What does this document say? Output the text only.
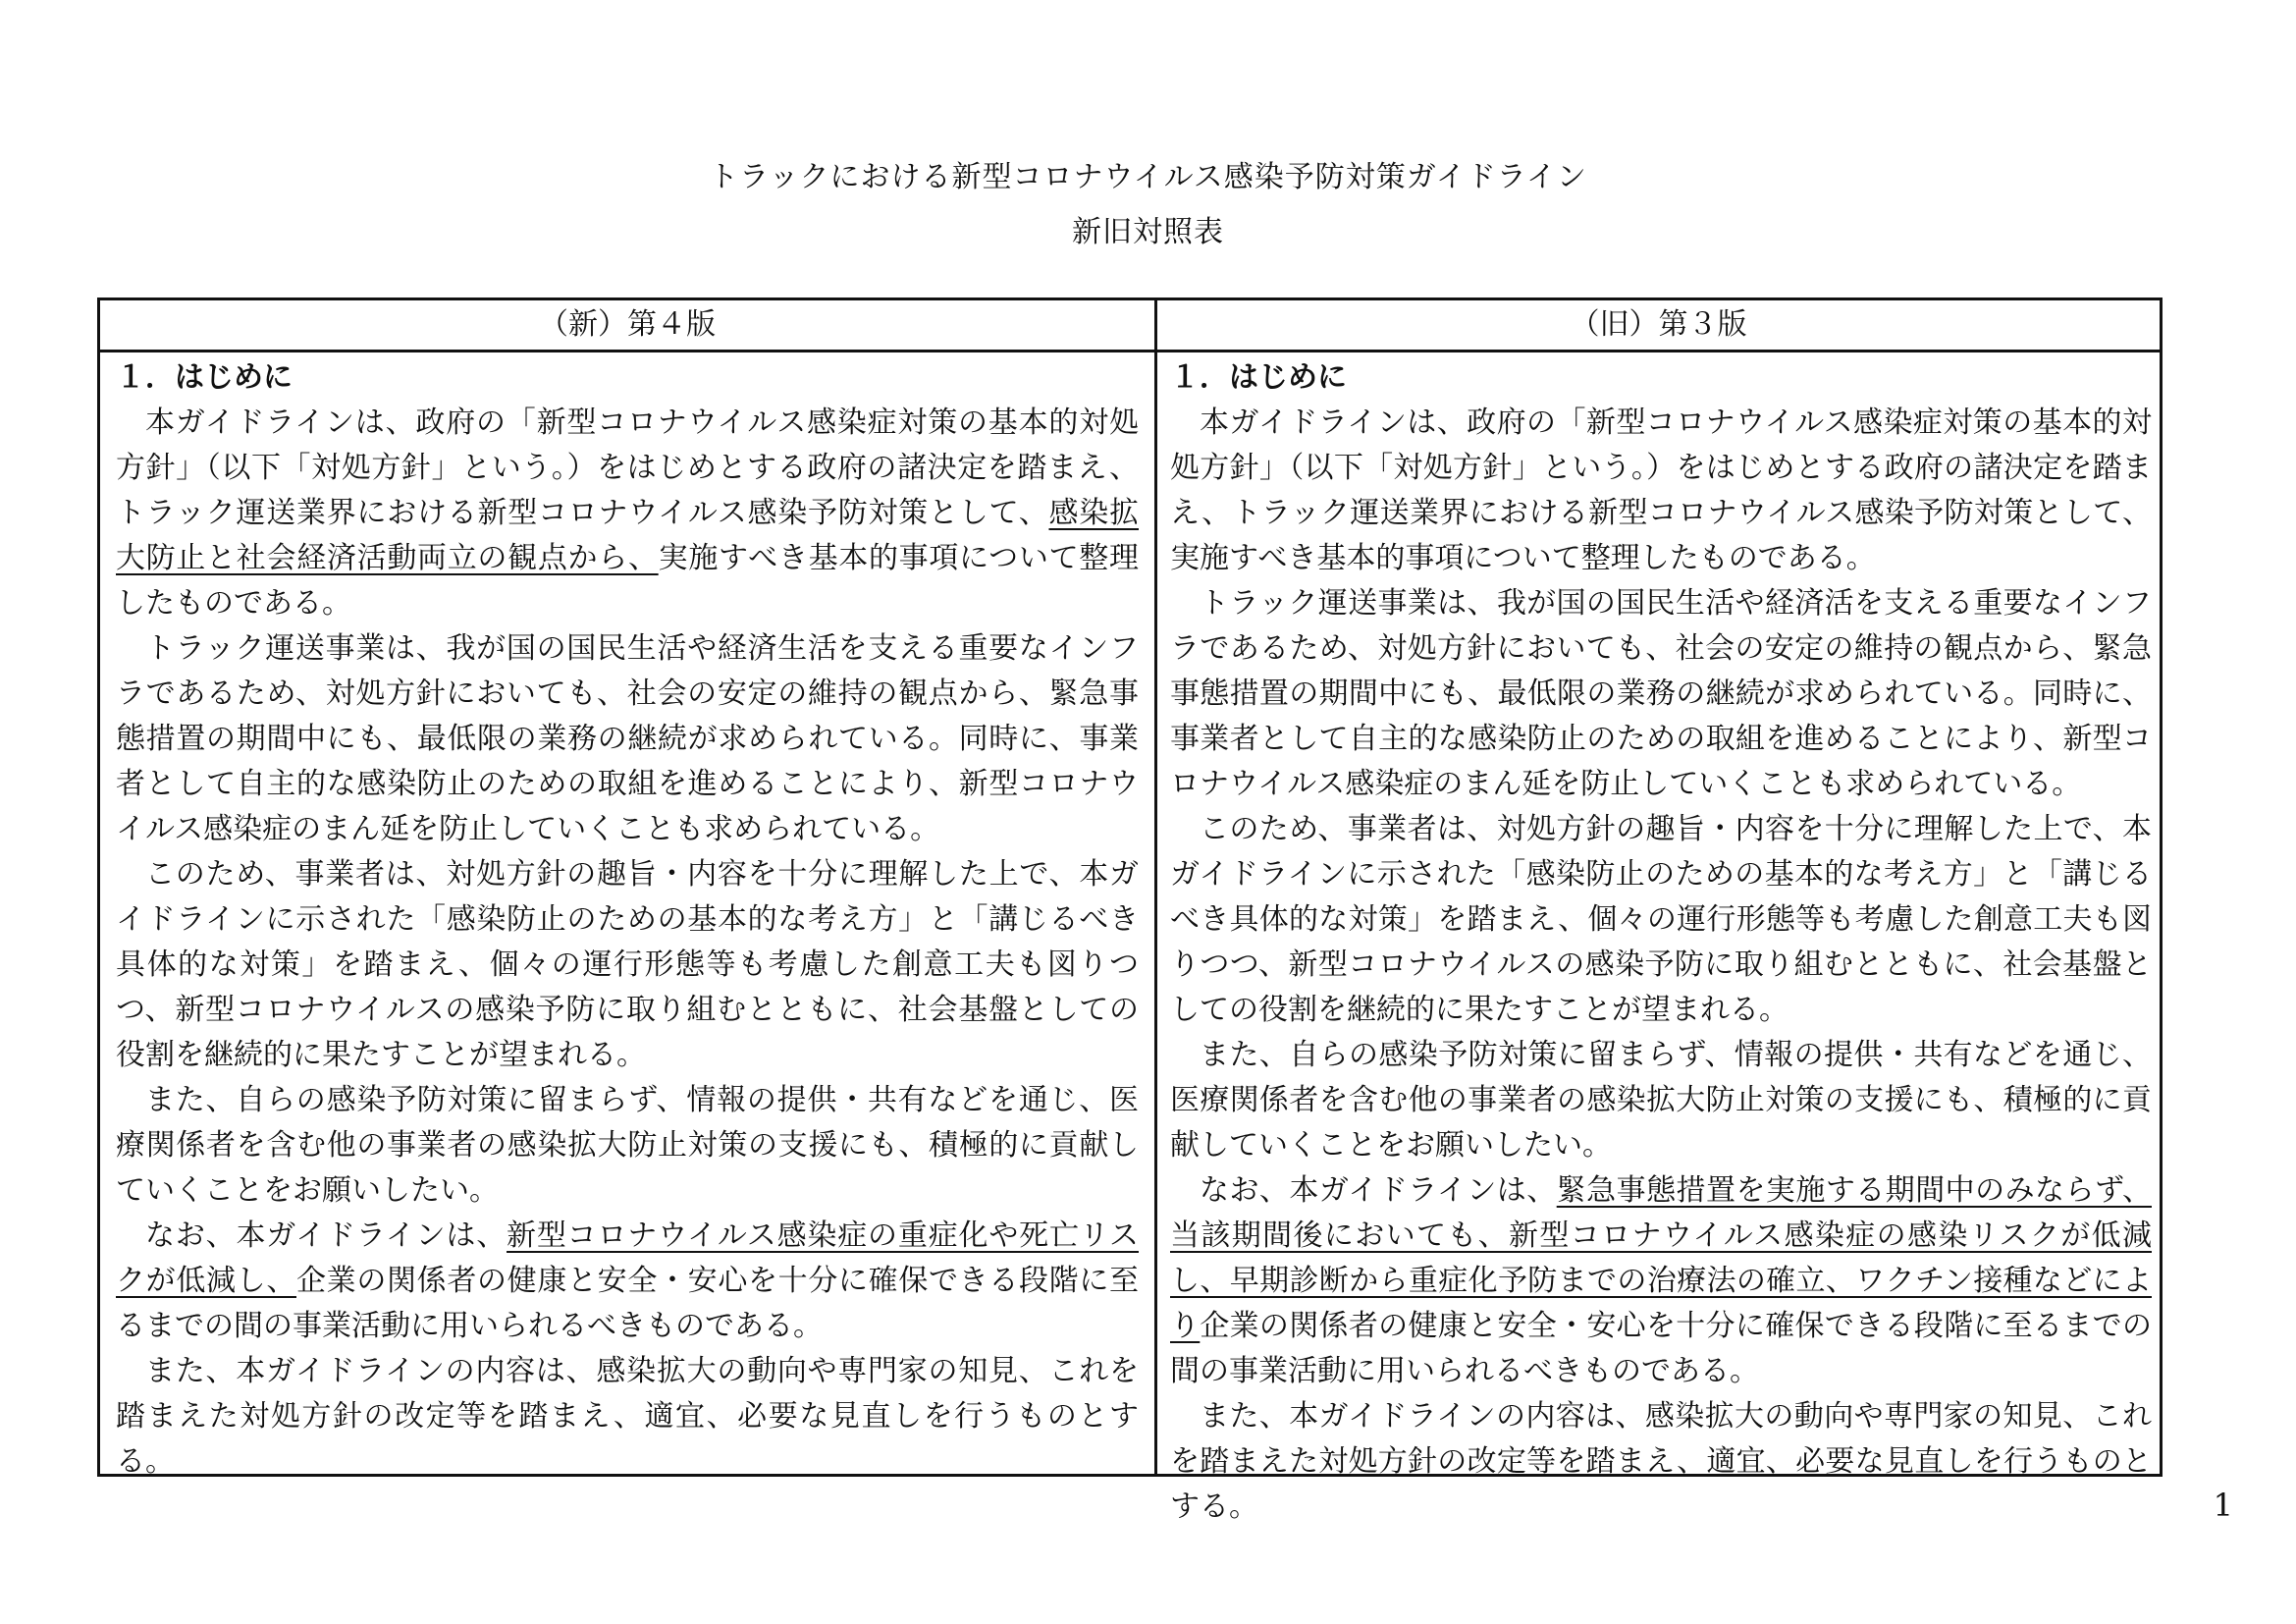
トラックにおける新型コロナウイルス感染予防対策ガイドライン
新旧対照表
（新）第４版	（旧）第３版
１．はじめに

本ガイドラインは、政府の「新型コロナウイルス感染症対策の基本的対処方針」（以下「対処方針」という。）をはじめとする政府の諸決定を踏まえ、トラック運送業界における新型コロナウイルス感染予防対策として、感染拡大防止と社会経済活動両立の観点から、実施すべき基本的事項について整理したものである。

トラック運送事業は、我が国の国民生活や経済生活を支える重要なインフラであるため、対処方針においても、社会の安定の維持の観点から、緊急事態措置の期間中にも、最低限の業務の継続が求められている。同時に、事業者として自主的な感染防止のための取組を進めることにより、新型コロナウイルス感染症のまん延を防止していくことも求められている。

このため、事業者は、対処方針の趣旨・内容を十分に理解した上で、本ガイドラインに示された「感染防止のための基本的な考え方」と「講じるべき具体的な対策」を踏まえ、個々の運行形態等も考慮した創意工夫も図りつつ、新型コロナウイルスの感染予防に取り組むとともに、社会基盤としての役割を継続的に果たすことが望まれる。

また、自らの感染予防対策に留まらず、情報の提供・共有などを通じ、医療関係者を含む他の事業者の感染拡大防止対策の支援にも、積極的に貢献していくことをお願いしたい。

なお、本ガイドラインは、新型コロナウイルス感染症の重症化や死亡リスクが低減し、企業の関係者の健康と安全・安心を十分に確保できる段階に至るまでの間の事業活動に用いられるべきものである。

また、本ガイドラインの内容は、感染拡大の動向や専門家の知見、これを踏まえた対処方針の改定等を踏まえ、適宜、必要な見直しを行うものとする。

１．はじめに

本ガイドラインは、政府の「新型コロナウイルス感染症対策の基本的対処方針」（以下「対処方針」という。）をはじめとする政府の諸決定を踏まえ、トラック運送業界における新型コロナウイルス感染予防対策として、実施すべき基本的事項について整理したものである。

トラック運送事業は、我が国の国民生活や経済活を支える重要なインフラであるため、対処方針においても、社会の安定の維持の観点から、緊急事態措置の期間中にも、最低限の業務の継続が求められている。同時に、事業者として自主的な感染防止のための取組を進めることにより、新型コロナウイルス感染症のまん延を防止していくことも求められている。

このため、事業者は、対処方針の趣旨・内容を十分に理解した上で、本ガイドラインに示された「感染防止のための基本的な考え方」と「講じるべき具体的な対策」を踏まえ、個々の運行形態等も考慮した創意工夫も図りつつ、新型コロナウイルスの感染予防に取り組むとともに、社会基盤としての役割を継続的に果たすことが望まれる。

また、自らの感染予防対策に留まらず、情報の提供・共有などを通じ、医療関係者を含む他の事業者の感染拡大防止対策の支援にも、積極的に貢献していくことをお願いしたい。

なお、本ガイドラインは、緊急事態措置を実施する期間中のみならず、当該期間後においても、新型コロナウイルス感染症の感染リスクが低減し、早期診断から重症化予防までの治療法の確立、ワクチン接種などにより企業の関係者の健康と安全・安心を十分に確保できる段階に至るまでの間の事業活動に用いられるべきものである。

また、本ガイドラインの内容は、感染拡大の動向や専門家の知見、これを踏まえた対処方針の改定等を踏まえ、適宜、必要な見直しを行うものとする。	1
